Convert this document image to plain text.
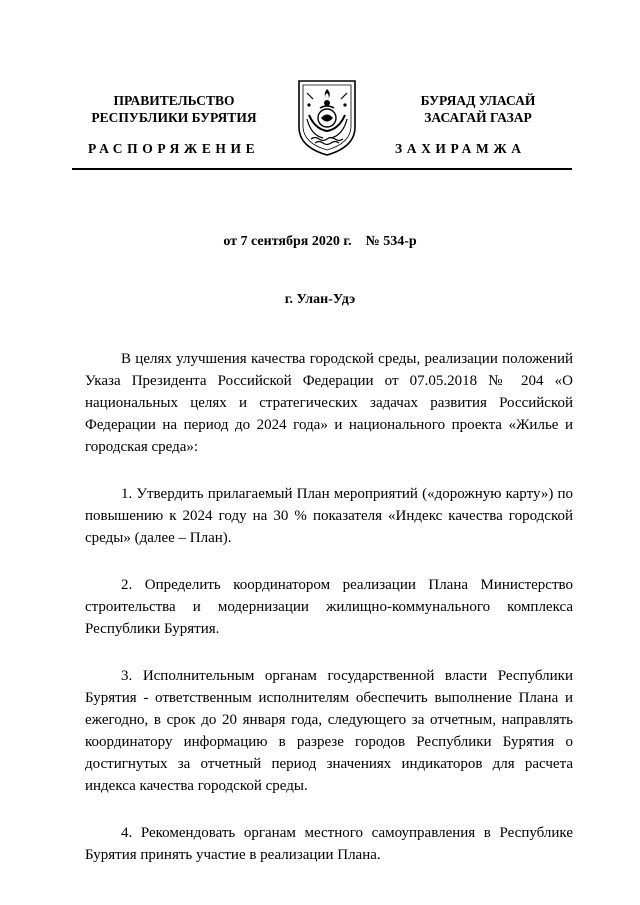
ПРАВИТЕЛЬСТВО
РЕСПУБЛИКИ БУРЯТИЯ
БУРЯАД УЛАСАЙ
ЗАСАГАЙ ГАЗАР
РАСПОРЯЖЕНИЕ	ЗАХИРАМЖА
от 7 сентября 2020 г.    № 534-р
г. Улан-Удэ

В целях улучшения качества городской среды, реализации положений Указа Президента Российской Федерации от 07.05.2018 № 204 «О национальных целях и стратегических задачах развития Российской Федерации на период до 2024 года» и национального проекта «Жилье и городская среда»:

1. Утвердить прилагаемый План мероприятий («дорожную карту») по повышению к 2024 году на 30 % показателя «Индекс качества городской среды» (далее – План).

2. Определить координатором реализации Плана Министерство строительства и модернизации жилищно-коммунального комплекса Республики Бурятия.

3. Исполнительным органам государственной власти Республики Бурятия - ответственным исполнителям обеспечить выполнение Плана и ежегодно, в срок до 20 января года, следующего за отчетным, направлять координатору информацию в разрезе городов Республики Бурятия о достигнутых за отчетный период значениях индикаторов для расчета индекса качества городской среды.

4. Рекомендовать органам местного самоуправления в Республике Бурятия принять участие в реализации Плана.
